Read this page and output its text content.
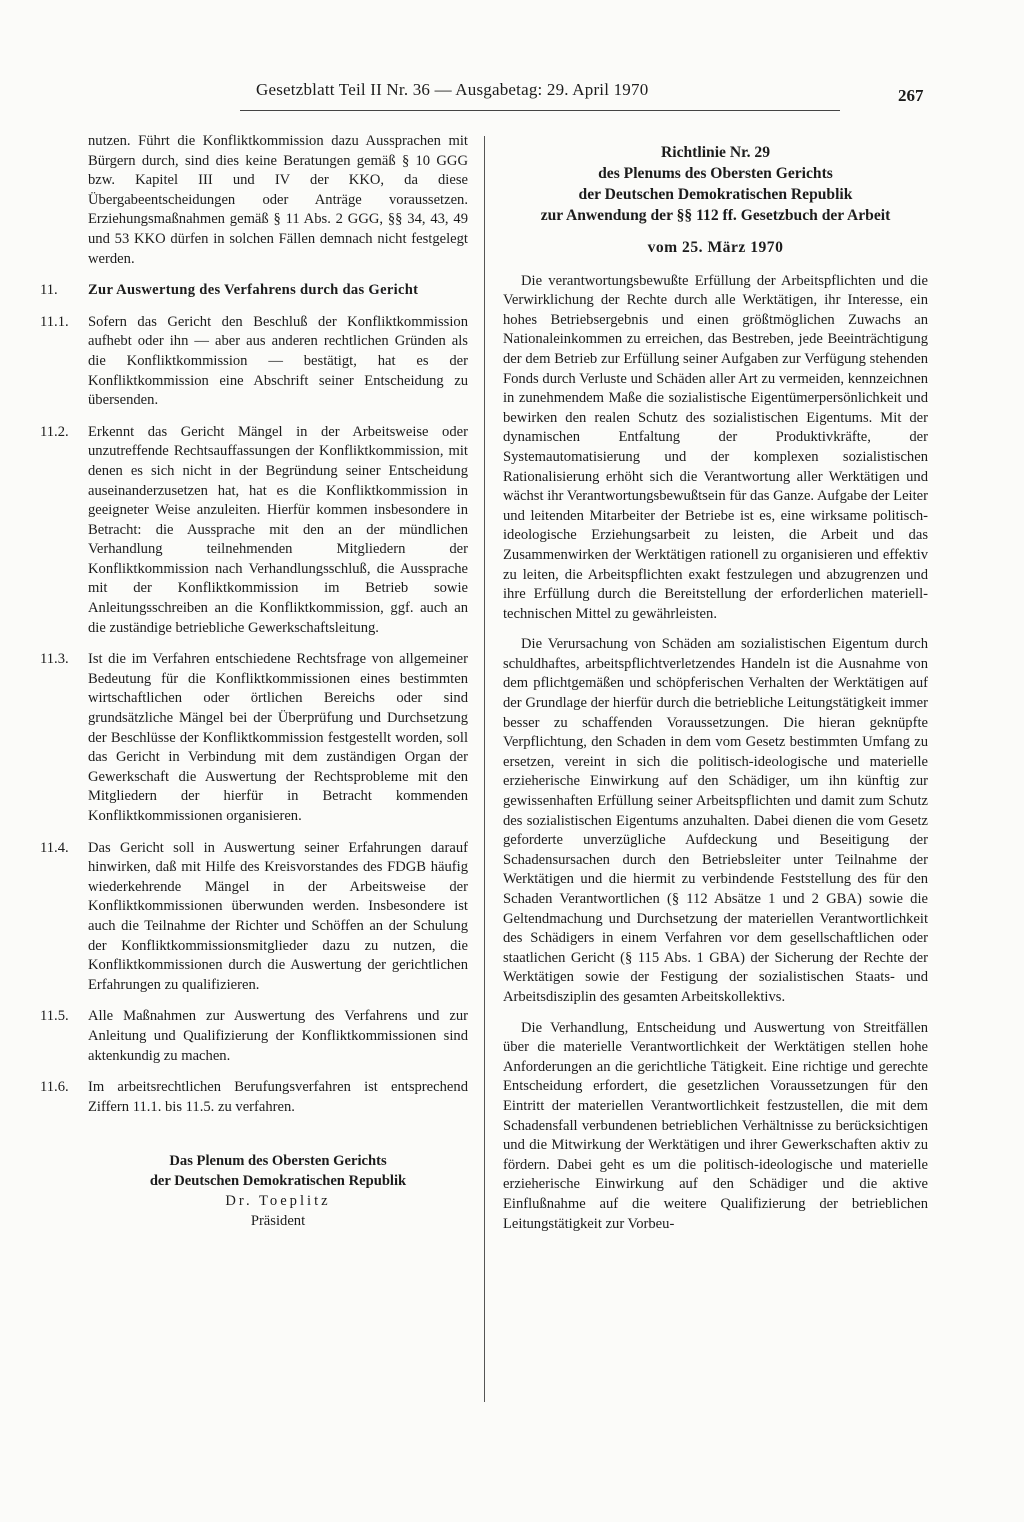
Gesetzblatt Teil II Nr. 36 — Ausgabetag: 29. April 1970	267

nutzen. Führt die Konfliktkommission dazu Aussprachen mit Bürgern durch, sind dies keine Beratungen gemäß § 10 GGG bzw. Kapitel III und IV der KKO, da diese Übergabeentscheidungen oder Anträge voraussetzen. Erziehungsmaßnahmen gemäß § 11 Abs. 2 GGG, §§ 34, 43, 49 und 53 KKO dürfen in solchen Fällen demnach nicht festgelegt werden.

11.	Zur Auswertung des Verfahrens durch das Gericht
11.1.	Sofern das Gericht den Beschluß der Konfliktkommission aufhebt oder ihn — aber aus anderen rechtlichen Gründen als die Konfliktkommission — bestätigt, hat es der Konfliktkommission eine Abschrift seiner Entscheidung zu übersenden.
11.2.	Erkennt das Gericht Mängel in der Arbeitsweise oder unzutreffende Rechtsauffassungen der Konfliktkommission, mit denen es sich nicht in der Begründung seiner Entscheidung auseinanderzusetzen hat, hat es die Konfliktkommission in geeigneter Weise anzuleiten. Hierfür kommen insbesondere in Betracht: die Aussprache mit den an der mündlichen Verhandlung teilnehmenden Mitgliedern der Konfliktkommission nach Verhandlungsschluß, die Aussprache mit der Konfliktkommission im Betrieb sowie Anleitungsschreiben an die Konfliktkommission, ggf. auch an die zuständige betriebliche Gewerkschaftsleitung.
11.3.	Ist die im Verfahren entschiedene Rechtsfrage von allgemeiner Bedeutung für die Konfliktkommissionen eines bestimmten wirtschaftlichen oder örtlichen Bereichs oder sind grundsätzliche Mängel bei der Überprüfung und Durchsetzung der Beschlüsse der Konfliktkommission festgestellt worden, soll das Gericht in Verbindung mit dem zuständigen Organ der Gewerkschaft die Auswertung der Rechtsprobleme mit den Mitgliedern der hierfür in Betracht kommenden Konfliktkommissionen organisieren.
11.4.	Das Gericht soll in Auswertung seiner Erfahrungen darauf hinwirken, daß mit Hilfe des Kreisvorstandes des FDGB häufig wiederkehrende Mängel in der Arbeitsweise der Konfliktkommissionen überwunden werden. Insbesondere ist auch die Teilnahme der Richter und Schöffen an der Schulung der Konfliktkommissionsmitglieder dazu zu nutzen, die Konfliktkommissionen durch die Auswertung der gerichtlichen Erfahrungen zu qualifizieren.
11.5.	Alle Maßnahmen zur Auswertung des Verfahrens und zur Anleitung und Qualifizierung der Konfliktkommissionen sind aktenkundig zu machen.
11.6.	Im arbeitsrechtlichen Berufungsverfahren ist entsprechend Ziffern 11.1. bis 11.5. zu verfahren.
Das Plenum des Obersten Gerichts
der Deutschen Demokratischen Republik
Dr. Toeplitz
Präsident
Richtlinie Nr. 29
des Plenums des Obersten Gerichts
der Deutschen Demokratischen Republik
zur Anwendung der §§ 112 ff. Gesetzbuch der Arbeit
vom 25. März 1970

Die verantwortungsbewußte Erfüllung der Arbeitspflichten und die Verwirklichung der Rechte durch alle Werktätigen, ihr Interesse, ein hohes Betriebsergebnis und einen größtmöglichen Zuwachs an Nationaleinkommen zu erreichen, das Bestreben, jede Beeinträchtigung der dem Betrieb zur Erfüllung seiner Aufgaben zur Verfügung stehenden Fonds durch Verluste und Schäden aller Art zu vermeiden, kennzeichnen in zunehmendem Maße die sozialistische Eigentümerpersönlichkeit und bewirken den realen Schutz des sozialistischen Eigentums. Mit der dynamischen Entfaltung der Produktivkräfte, der Systemautomatisierung und der komplexen sozialistischen Rationalisierung erhöht sich die Verantwortung aller Werktätigen und wächst ihr Verantwortungsbewußtsein für das Ganze. Aufgabe der Leiter und leitenden Mitarbeiter der Betriebe ist es, eine wirksame politisch-ideologische Erziehungsarbeit zu leisten, die Arbeit und das Zusammenwirken der Werktätigen rationell zu organisieren und effektiv zu leiten, die Arbeitspflichten exakt festzulegen und abzugrenzen und ihre Erfüllung durch die Bereitstellung der erforderlichen materiell-technischen Mittel zu gewährleisten.

Die Verursachung von Schäden am sozialistischen Eigentum durch schuldhaftes, arbeitspflichtverletzendes Handeln ist die Ausnahme von dem pflichtgemäßen und schöpferischen Verhalten der Werktätigen auf der Grundlage der hierfür durch die betriebliche Leitungstätigkeit immer besser zu schaffenden Voraussetzungen. Die hieran geknüpfte Verpflichtung, den Schaden in dem vom Gesetz bestimmten Umfang zu ersetzen, vereint in sich die politisch-ideologische und materielle erzieherische Einwirkung auf den Schädiger, um ihn künftig zur gewissenhaften Erfüllung seiner Arbeitspflichten und damit zum Schutz des sozialistischen Eigentums anzuhalten. Dabei dienen die vom Gesetz geforderte unverzügliche Aufdeckung und Beseitigung der Schadensursachen durch den Betriebsleiter unter Teilnahme der Werktätigen und die hiermit zu verbindende Feststellung des für den Schaden Verantwortlichen (§ 112 Absätze 1 und 2 GBA) sowie die Geltendmachung und Durchsetzung der materiellen Verantwortlichkeit des Schädigers in einem Verfahren vor dem gesellschaftlichen oder staatlichen Gericht (§ 115 Abs. 1 GBA) der Sicherung der Rechte der Werktätigen sowie der Festigung der sozialistischen Staats- und Arbeitsdisziplin des gesamten Arbeitskollektivs.

Die Verhandlung, Entscheidung und Auswertung von Streitfällen über die materielle Verantwortlichkeit der Werktätigen stellen hohe Anforderungen an die gerichtliche Tätigkeit. Eine richtige und gerechte Entscheidung erfordert, die gesetzlichen Voraussetzungen für den Eintritt der materiellen Verantwortlichkeit festzustellen, die mit dem Schadensfall verbundenen betrieblichen Verhältnisse zu berücksichtigen und die Mitwirkung der Werktätigen und ihrer Gewerkschaften aktiv zu fördern. Dabei geht es um die politisch-ideologische und materielle erzieherische Einwirkung auf den Schädiger und die aktive Einflußnahme auf die weitere Qualifizierung der betrieblichen Leitungstätigkeit zur Vorbeu-
